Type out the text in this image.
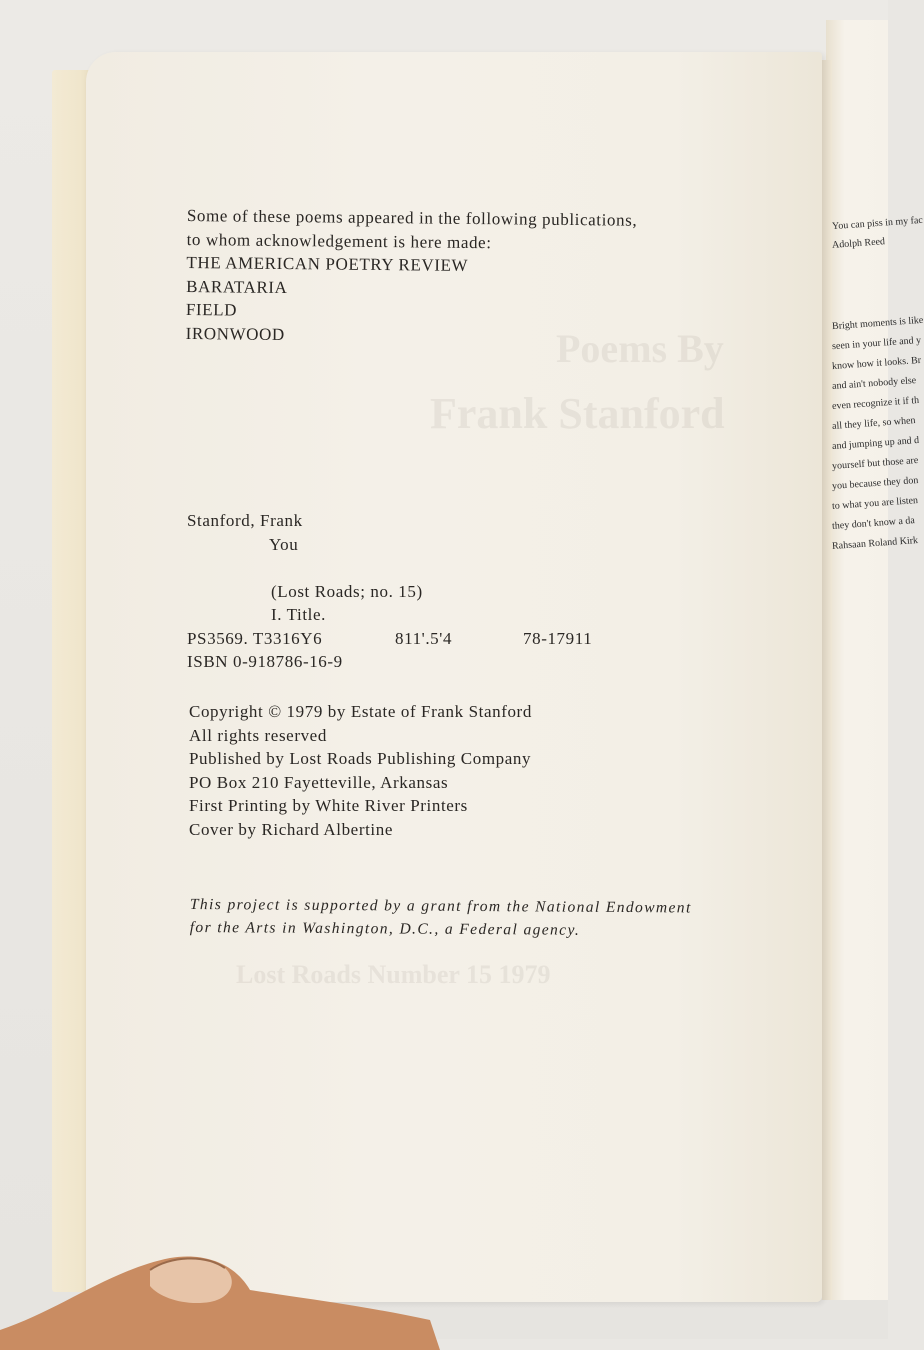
You can piss in my fac
Adolph Reed
Bright moments is like
seen in your life and y
know how it looks. Br
and ain't nobody else
even recognize it if th
all they life, so when
and jumping up and d
yourself but those are
you because they don
to what you are listen
they don't know a da
Rahsaan Roland Kirk
Poems By
Frank Stanford
Lost Roads Number 15 1979
Some of these poems appeared in the following publications,
to whom acknowledgement is here made:
THE AMERICAN POETRY REVIEW
BARATARIA
FIELD
IRONWOOD
Stanford, Frank
You
(Lost Roads; no. 15)
I. Title.
PS3569. T3316Y6	811'.5'4	78-17911
ISBN 0-918786-16-9
Copyright © 1979 by Estate of Frank Stanford
All rights reserved
Published by Lost Roads Publishing Company
PO Box 210 Fayetteville, Arkansas
First Printing by White River Printers
Cover by Richard Albertine
This project is supported by a grant from the National Endowment
for the Arts in Washington, D.C., a Federal agency.
